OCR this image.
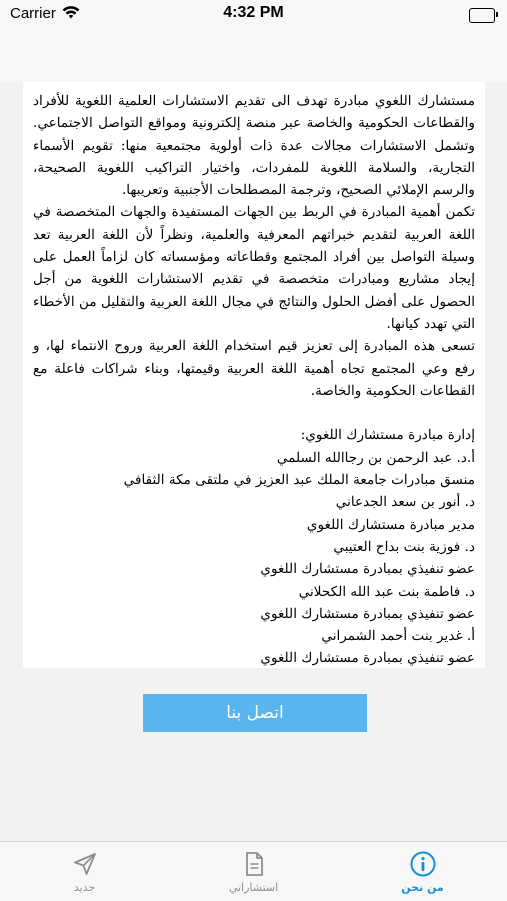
Carrier	4:32 PM
مستشارك اللغوي مبادرة تهدف الى تقديم الاستشارات العلمية اللغوية للأفراد والقطاعات الحكومية والخاصة عبر منصة إلكترونية ومواقع التواصل الاجتماعي. وتشمل الاستشارات مجالات عدة ذات أولوية مجتمعية منها: تقويم الأسماء التجارية، والسلامة اللغوية للمفردات، واختيار التراكيب اللغوية الصحيحة، والرسم الإملائي الصحيح، وترجمة المصطلحات الأجنبية وتعريبها.
تكمن أهمية المبادرة في الربط بين الجهات المستفيدة والجهات المتخصصة في اللغة العربية لتقديم خبراتهم المعرفية والعلمية، ونظراً لأن اللغة العربية تعد وسيلة التواصل بين أفراد المجتمع وقطاعاته ومؤسساته كان لزاماً العمل على إيجاد مشاريع ومبادرات متخصصة في تقديم الاستشارات اللغوية من أجل الحصول على أفضل الحلول والنتائج في مجال اللغة العربية والتقليل من الأخطاء التي تهدد كيانها.
تسعى هذه المبادرة إلى تعزيز قيم استخدام اللغة العربية وروح الانتماء لها، و رفع وعي المجتمع تجاه أهمية اللغة العربية وقيمتها، وبناء شراكات فاعلة مع القطاعات الحكومية والخاصة.

إدارة مبادرة مستشارك اللغوي:
أ.د. عبد الرحمن بن رجاالله السلمي
منسق مبادرات جامعة الملك عبد العزيز في ملتقى مكة الثقافي
د. أنور بن سعد الجدعاني
مدير مبادرة مستشارك اللغوي
د. فوزية بنت بداح العتيبي
عضو تنفيذي بمبادرة مستشارك اللغوي
د. فاطمة بنت عبد الله الكحلاني
عضو تنفيذي بمبادرة مستشارك اللغوي
أ. غدير بنت أحمد الشمراني
عضو تنفيذي بمبادرة مستشارك اللغوي
اتصل بنا
جديد	استشاراتي	من نحن
